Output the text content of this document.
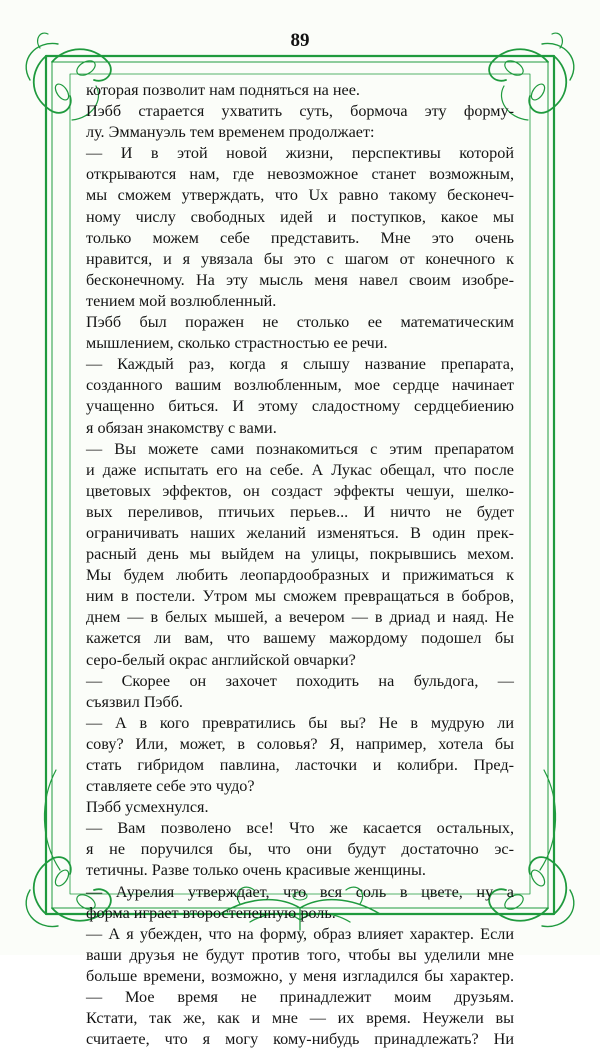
89
которая позволит нам подняться на нее.
Пэбб старается ухватить суть, бормоча эту форму-
лу. Эммануэль тем временем продолжает:
— И в этой новой жизни, перспективы которой
открываются нам, где невозможное станет возможным,
мы сможем утверждать, что Ux равно такому бесконеч-
ному числу свободных идей и поступков, какое мы
только можем себе представить. Мне это очень
нравится, и я увязала бы это с шагом от конечного к
бесконечному. На эту мысль меня навел своим изобре-
тением мой возлюбленный.
Пэбб был поражен не столько ее математическим
мышлением, сколько страстностью ее речи.
— Каждый раз, когда я слышу название препарата,
созданного вашим возлюбленным, мое сердце начинает
учащенно биться. И этому сладостному сердцебиению
я обязан знакомству с вами.
— Вы можете сами познакомиться с этим препаратом
и даже испытать его на себе. А Лукас обещал, что после
цветовых эффектов, он создаст эффекты чешуи, шелко-
вых переливов, птичьих перьев... И ничто не будет
ограничивать наших желаний изменяться. В один прек-
расный день мы выйдем на улицы, покрывшись мехом.
Мы будем любить леопардообразных и прижиматься к
ним в постели. Утром мы сможем превращаться в бобров,
днем — в белых мышей, а вечером — в дриад и наяд. Не
кажется ли вам, что вашему мажордому подошел бы
серо-белый окрас английской овчарки?
— Скорее он захочет походить на бульдога, —
съязвил Пэбб.
— А в кого превратились бы вы? Не в мудрую ли
сову? Или, может, в соловья? Я, например, хотела бы
стать гибридом павлина, ласточки и колибри. Пред-
ставляете себе это чудо?
Пэбб усмехнулся.
— Вам позволено все! Что же касается остальных,
я не поручился бы, что они будут достаточно эс-
тетичны. Разве только очень красивые женщины.
— Аурелия утверждает, что вся соль в цвете, ну а
форма играет второстепенную роль.
— А я убежден, что на форму, образ влияет характер. Если
ваши друзья не будут против того, чтобы вы уделили мне
больше времени, возможно, у меня изгладился бы характер.
— Мое время не принадлежит моим друзьям.
Кстати, так же, как и мне — их время. Неужели вы
считаете, что я могу кому-нибудь принадлежать? Ни
